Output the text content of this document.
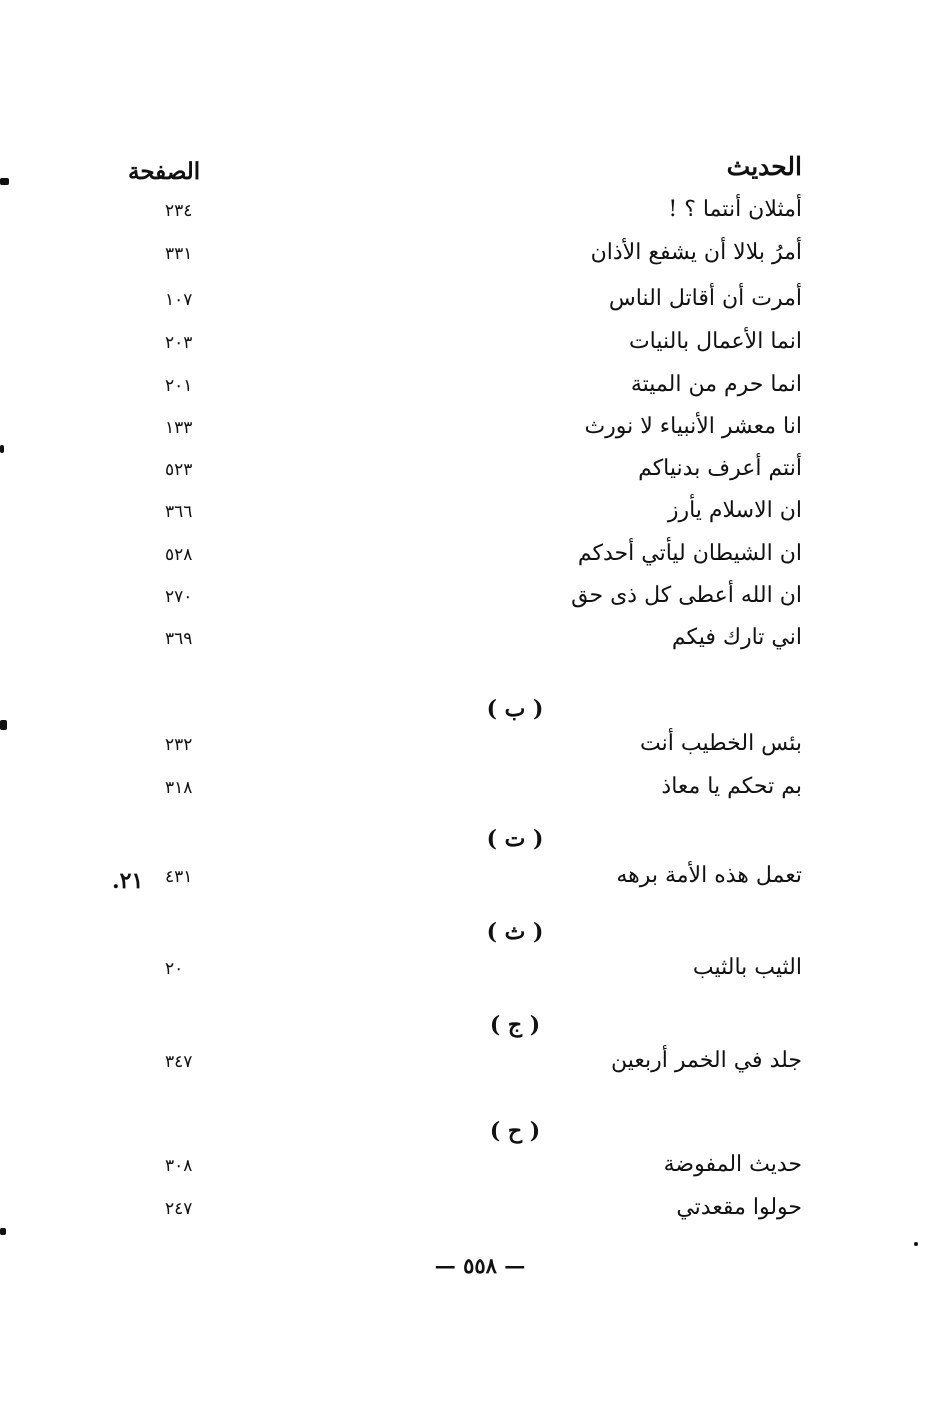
الحديث
الصفحة
أمثلان أنتما ؟ !
٢٣٤
أمرُ بلالا أن يشفع الأذان
٣٣١
أمرت أن أقاتل الناس
١٠٧
انما الأعمال بالنيات
٢٠٣
انما حرم من الميتة
٢٠١
انا معشر الأنبياء لا نورث
١٣٣
أنتم أعرف بدنياكم
٥٢٣
ان الاسلام يأرز
٣٦٦
ان الشيطان ليأتي أحدكم
٥٢٨
ان الله أعطى كل ذى حق
٢٧٠
اني تارك فيكم
٣٦٩
( ب )
بئس الخطيب أنت
٢٣٢
بم تحكم يا معاذ
٣١٨
( ت )
تعمل هذه الأمة برهه
٤٣١
٢١.
( ث )
الثيب بالثيب
٢٠
( ج )
جلد في الخمر أربعين
٣٤٧
( ح )
حديث المفوضة
٣٠٨
حولوا مقعدتي
٢٤٧
— ٥٥٨ —
